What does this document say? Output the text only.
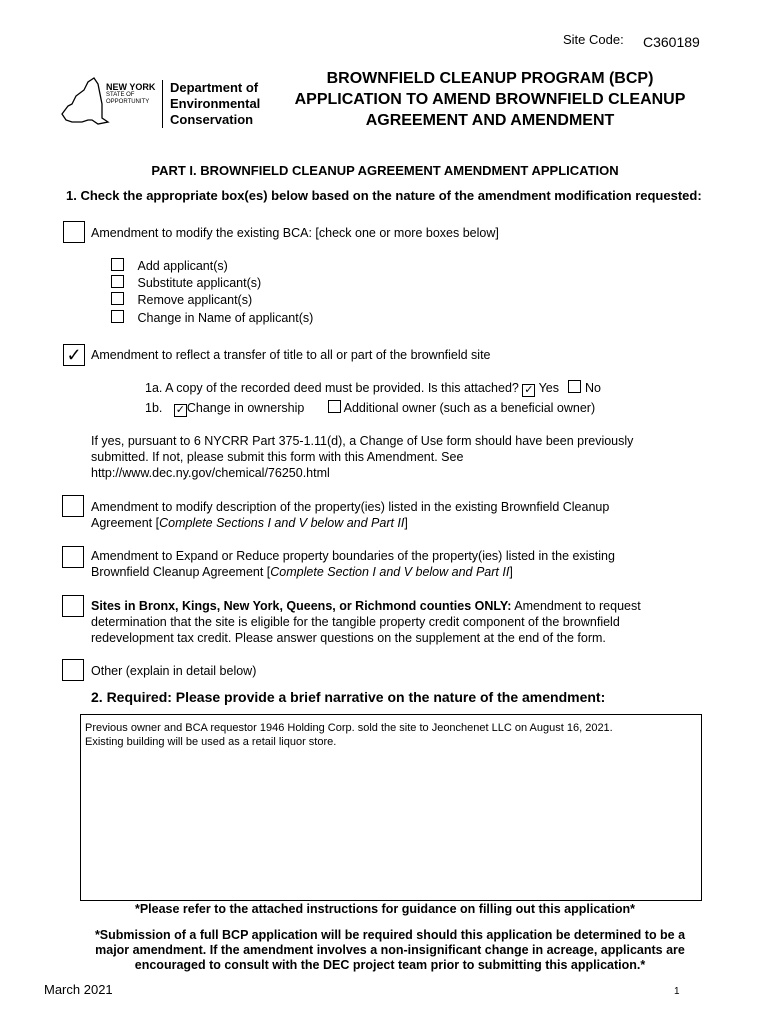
Site Code: C360189
NEW YORK
STATE OF
OPPORTUNITY
Department of
Environmental
Conservation
BROWNFIELD CLEANUP PROGRAM (BCP)
APPLICATION TO AMEND BROWNFIELD CLEANUP
AGREEMENT AND AMENDMENT
PART I. BROWNFIELD CLEANUP AGREEMENT AMENDMENT APPLICATION
1. Check the appropriate box(es) below based on the nature of the amendment modification requested:
Amendment to modify the existing BCA: [check one or more boxes below]
Add applicant(s)
Substitute applicant(s)
Remove applicant(s)
Change in Name of applicant(s)
✓ Amendment to reflect a transfer of title to all or part of the brownfield site
1a. A copy of the recorded deed must be provided. Is this attached? ✓ Yes No
1b. ✓ Change in ownership	Additional owner (such as a beneficial owner)
If yes, pursuant to 6 NYCRR Part 375-1.11(d), a Change of Use form should have been previously
submitted. If not, please submit this form with this Amendment. See
http://www.dec.ny.gov/chemical/76250.html
Amendment to modify description of the property(ies) listed in the existing Brownfield Cleanup
Agreement [Complete Sections I and V below and Part II]
Amendment to Expand or Reduce property boundaries of the property(ies) listed in the existing
Brownfield Cleanup Agreement [Complete Section I and V below and Part II]
Sites in Bronx, Kings, New York, Queens, or Richmond counties ONLY: Amendment to request
determination that the site is eligible for the tangible property credit component of the brownfield
redevelopment tax credit. Please answer questions on the supplement at the end of the form.
Other (explain in detail below)
2. Required: Please provide a brief narrative on the nature of the amendment:
Previous owner and BCA requestor 1946 Holding Corp. sold the site to Jeonchenet LLC on August 16, 2021.
Existing building will be used as a retail liquor store.
*Please refer to the attached instructions for guidance on filling out this application*
*Submission of a full BCP application will be required should this application be determined to be a
major amendment. If the amendment involves a non-insignificant change in acreage, applicants are
encouraged to consult with the DEC project team prior to submitting this application.*
March 2021	1
